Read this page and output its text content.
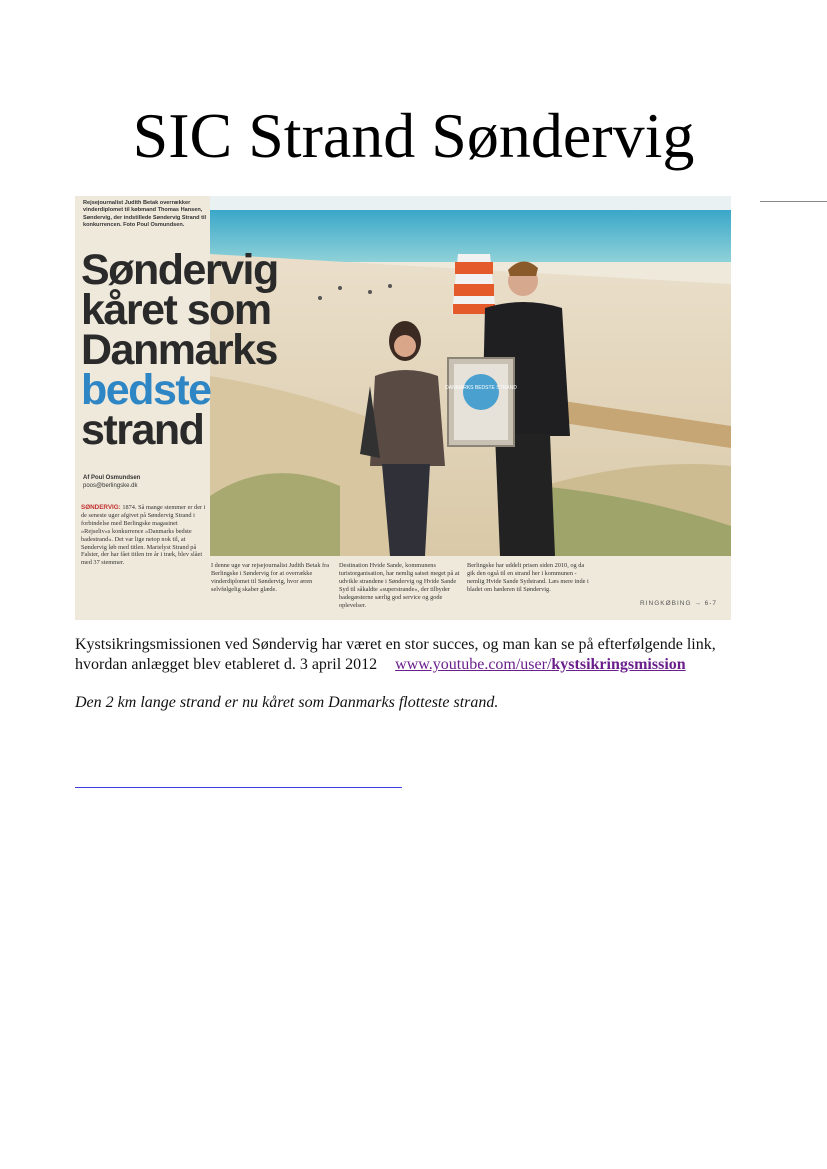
SIC Strand Søndervig
Rejsejournalist Judith Betak overrækker vinderdiplomet til købmand Thomas Hansen, Søndervig, der indstillede Søndervig Strand til konkurrencen. Foto Poul Osmundsen.
DANMARKS BEDSTE STRAND
Søndervig
kåret som
Danmarks
bedste
strand
Af Poul Osmundsen
poos@berlingske.dk
SØNDERVIG: 1874. Så mange stemmer er der i de seneste uger afgivet på Søndervig Strand i forbindelse med Berlingske magasinet »Rejseliv«s konkurrence »Danmarks bedste badestrand«. Det var lige netop nok til, at Søndervig løb med titlen. Marielyst Strand på Falster, der har fået titlen tre år i træk, blev slået med 37 stemmer.	I denne uge var rejsejournalist Judith Betak fra Berlingske i Søndervig for at overrække vinderdiplomet til Søndervig, hvor æren selvfølgelig skaber glæde.
Destination Hvide Sande, kommunens turistorganisation, har nemlig satset meget på at udvikle strandene i Søndervig og Hvide Sande Syd til såkaldte »superstrande«, der tilbyder badegæsterne særlig god service og gode oplevelser.
Berlingske har uddelt prisen siden 2010, og da gik den også til en strand her i kommunen - nemlig Hvide Sande Sydstrand. Læs mere inde i bladet om hæderen til Søndervig.
RINGKØBING → 6-7
Kystsikringsmissionen ved Søndervig har været en stor succes, og man kan se på efterfølgende link, hvordan anlægget blev etableret d. 3 april 2012 www.youtube.com/user/kystsikringsmission
Den 2 km lange strand er nu kåret som Danmarks flotteste strand.
